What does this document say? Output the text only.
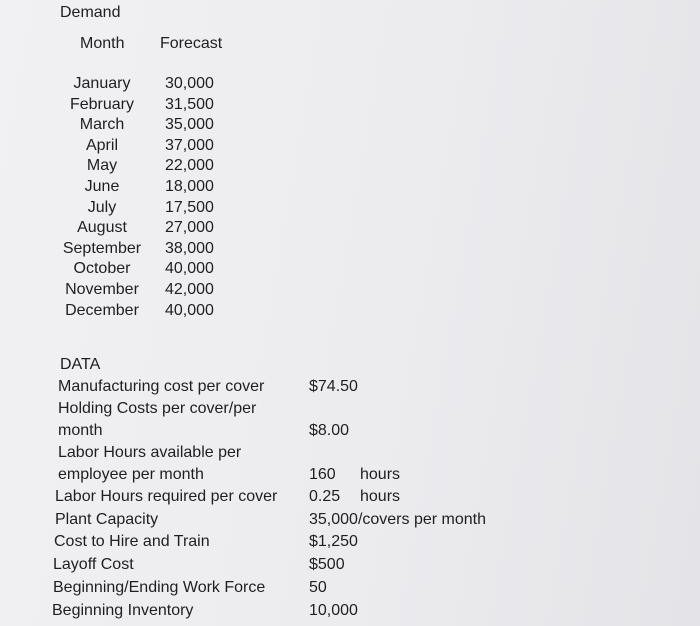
Demand
Month Forecast
January	30,000
February	31,500
March	35,000
April	37,000
May	22,000
June	18,000
July	17,500
August	27,000
September	38,000
October	40,000
November	42,000
December	40,000
DATA
Manufacturing cost per cover	$74.50
Holding Costs per cover/per
month	$8.00
Labor Hours available per
employee per month	160 hours
Labor Hours required per cover 0.25 hours
Plant Capacity	35,000/covers per month
Cost to Hire and Train	$1,250
Layoff Cost	$500
Beginning/Ending Work Force	50
Beginning Inventory	10,000
